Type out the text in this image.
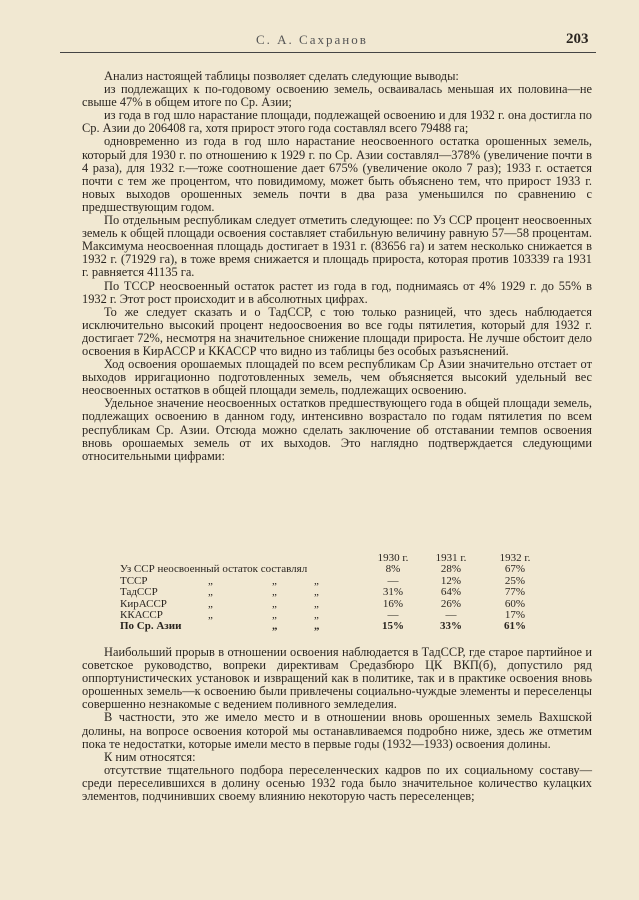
С. А. Сахранов	203

Анализ настоящей таблицы позволяет сделать следующие выводы:

из подлежащих к по-годовому освоению земель, осваивалась меньшая их половина—не свыше 47% в общем итоге по Ср. Азии;

из года в год шло нарастание площади, подлежащей освоению и для 1932 г. она достигла по Ср. Азии до 206408 га, хотя прирост этого года составлял всего 79488 га;

одновременно из года в год шло нарастание неосвоенного остатка орошенных земель, который для 1930 г. по отношению к 1929 г. по Ср. Азии составлял—378% (увеличение почти в 4 раза), для 1932 г.—тоже соотношение дает 675% (увеличение около 7 раз); 1933 г. остается почти с тем же процентом, что повидимому, может быть объяснено тем, что прирост 1933 г. новых выходов орошенных земель почти в два раза уменьшился по сравнению с предшествующим годом.

По отдельным республикам следует отметить следующее: по Уз ССР процент неосвоенных земель к общей площади освоения составляет стабильную величину равную 57—58 процентам. Максимума неосвоенная площадь достигает в 1931 г. (83656 га) и затем несколько снижается в 1932 г. (71929 га), в тоже время снижается и площадь прироста, которая против 103339 га 1931 г. равняется 41135 га.

По ТССР неосвоенный остаток растет из года в год, поднимаясь от 4% 1929 г. до 55% в 1932 г. Этот рост происходит и в абсолютных цифрах.

То же следует сказать и о ТадССР, с тою только разницей, что здесь наблюдается исключительно высокий процент недоосвоения во все годы пятилетия, который для 1932 г. достигает 72%, несмотря на значительное снижение площади прироста. Не лучше обстоит дело освоения в КирАССР и ККАССР что видно из таблицы без особых разъяснений.

Ход освоения орошаемых площадей по всем республикам Ср Азии значительно отстает от выходов ирригационно подготовленных земель, чем объясняется высокий удельный вес неосвоенных остатков в общей площади земель, подлежащих освоению.

Удельное значение неосвоенных остатков предшествующего года в общей площади земель, подлежащих освоению в данном году, интенсивно возрастало по годам пятилетия по всем республикам Ср. Азии. Отсюда можно сделать заключение об отставании темпов освоения вновь орошаемых земель от их выходов. Это наглядно подтверждается следующими относительными цифрами:

1930 г.	1931 г.	1932 г.
Уз ССР неосвоенный остаток составлял	8%	28%	67%
ТССР	„	„	„	—	12%	25%
ТадССР	„	„	„	31%	64%	77%
КирАССР	„	„	„	16%	26%	60%
ККАССР	„	„	„	—	—	17%
По Ср. Азии	„	„	15%	33%	61%

Наибольший прорыв в отношении освоения наблюдается в ТадССР, где старое партийное и советское руководство, вопреки директивам Средазбюро ЦК ВКП(б), допустило ряд оппортунистических установок и извращений как в политике, так и в практике освоения вновь орошенных земель—к освоению были привлечены социально-чуждые элементы и переселенцы совершенно незнакомые с ведением поливного земледелия.

В частности, это же имело место и в отношении вновь орошенных земель Вахшской долины, на вопросе освоения которой мы останавливаемся подробно ниже, здесь же отметим пока те недостатки, которые имели место в первые годы (1932—1933) освоения долины.

К ним относятся:

отсутствие тщательного подбора переселенческих кадров по их социальному составу—среди переселившихся в долину осенью 1932 года было значительное количество кулацких элементов, подчинивших своему влиянию некоторую часть переселенцев;
